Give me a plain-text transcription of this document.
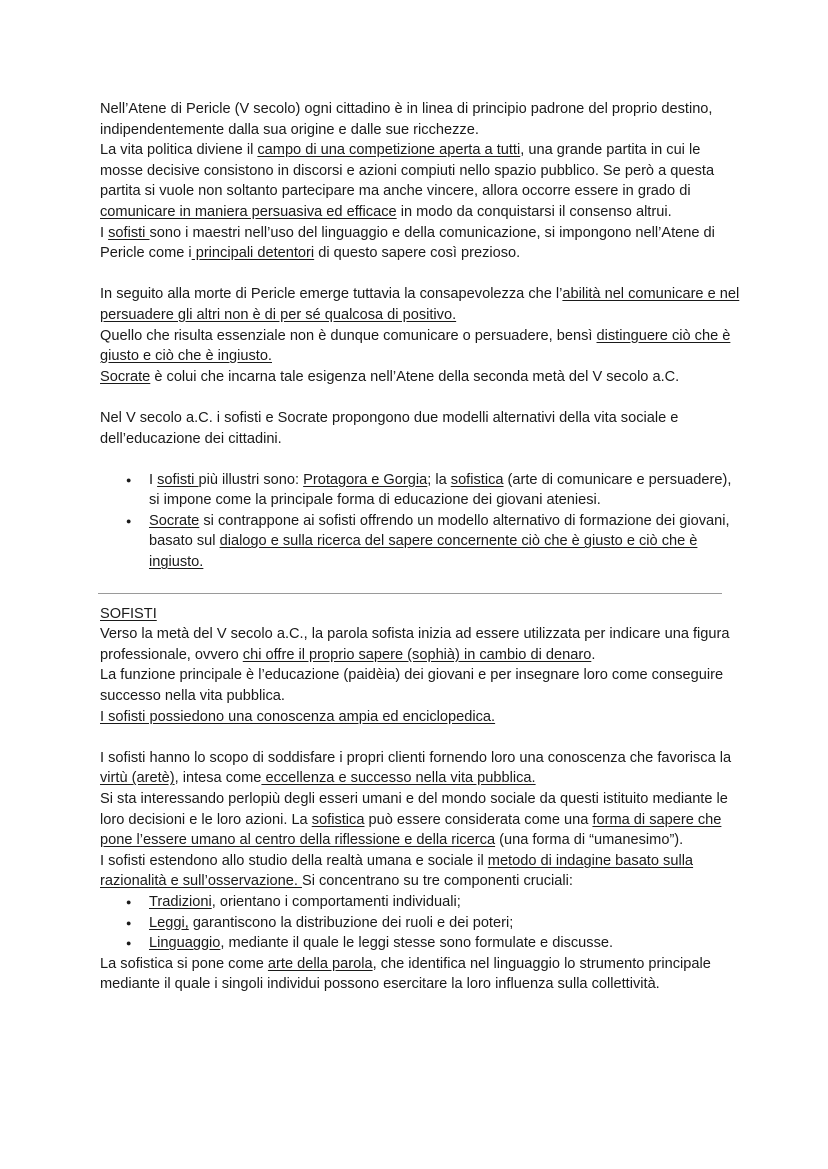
Nell’Atene di Pericle (V secolo) ogni cittadino è in linea di principio padrone del proprio destino, indipendentemente dalla sua origine e dalle sue ricchezze.

La vita politica diviene il campo di una competizione aperta a tutti, una grande partita in cui le mosse decisive consistono in discorsi e azioni compiuti nello spazio pubblico. Se però a questa partita si vuole non soltanto partecipare ma anche vincere, allora occorre essere in grado di comunicare in maniera persuasiva ed efficace in modo da conquistarsi il consenso altrui.

I sofisti sono i maestri nell’uso del linguaggio e della comunicazione, si impongono nell’Atene di Pericle come i principali detentori di questo sapere così prezioso.

In seguito alla morte di Pericle emerge tuttavia la consapevolezza che l’abilità nel comunicare e nel persuadere gli altri non è di per sé qualcosa di positivo.

Quello che risulta essenziale non è dunque comunicare o persuadere, bensì distinguere ciò che è giusto e ciò che è ingiusto.

Socrate è colui che incarna tale esigenza nell’Atene della seconda metà del V secolo a.C.

Nel V secolo a.C. i sofisti e Socrate propongono due modelli alternativi della vita sociale e dell’educazione dei cittadini.

● I sofisti più illustri sono: Protagora e Gorgia; la sofistica (arte di comunicare e persuadere), si impone come la principale forma di educazione dei giovani ateniesi.
● Socrate si contrappone ai sofisti offrendo un modello alternativo di formazione dei giovani, basato sul dialogo e sulla ricerca del sapere concernente ciò che è giusto e ciò che è ingiusto.

SOFISTI

Verso la metà del V secolo a.C., la parola sofista inizia ad essere utilizzata per indicare una figura professionale, ovvero chi offre il proprio sapere (sophià) in cambio di denaro.

La funzione principale è l’educazione (paidèia) dei giovani e per insegnare loro come conseguire successo nella vita pubblica.

I sofisti possiedono una conoscenza ampia ed enciclopedica.

I sofisti hanno lo scopo di soddisfare i propri clienti fornendo loro una conoscenza che favorisca la virtù (aretè), intesa come eccellenza e successo nella vita pubblica.

Si sta interessando perlopiù degli esseri umani e del mondo sociale da questi istituito mediante le loro decisioni e le loro azioni. La sofistica può essere considerata come una forma di sapere che pone l’essere umano al centro della riflessione e della ricerca (una forma di “umanesimo”).

I sofisti estendono allo studio della realtà umana e sociale il metodo di indagine basato sulla razionalità e sull’osservazione. Si concentrano su tre componenti cruciali:

● Tradizioni, orientano i comportamenti individuali;
● Leggi, garantiscono la distribuzione dei ruoli e dei poteri;
● Linguaggio, mediante il quale le leggi stesse sono formulate e discusse.

La sofistica si pone come arte della parola, che identifica nel linguaggio lo strumento principale mediante il quale i singoli individui possono esercitare la loro influenza sulla collettività.
